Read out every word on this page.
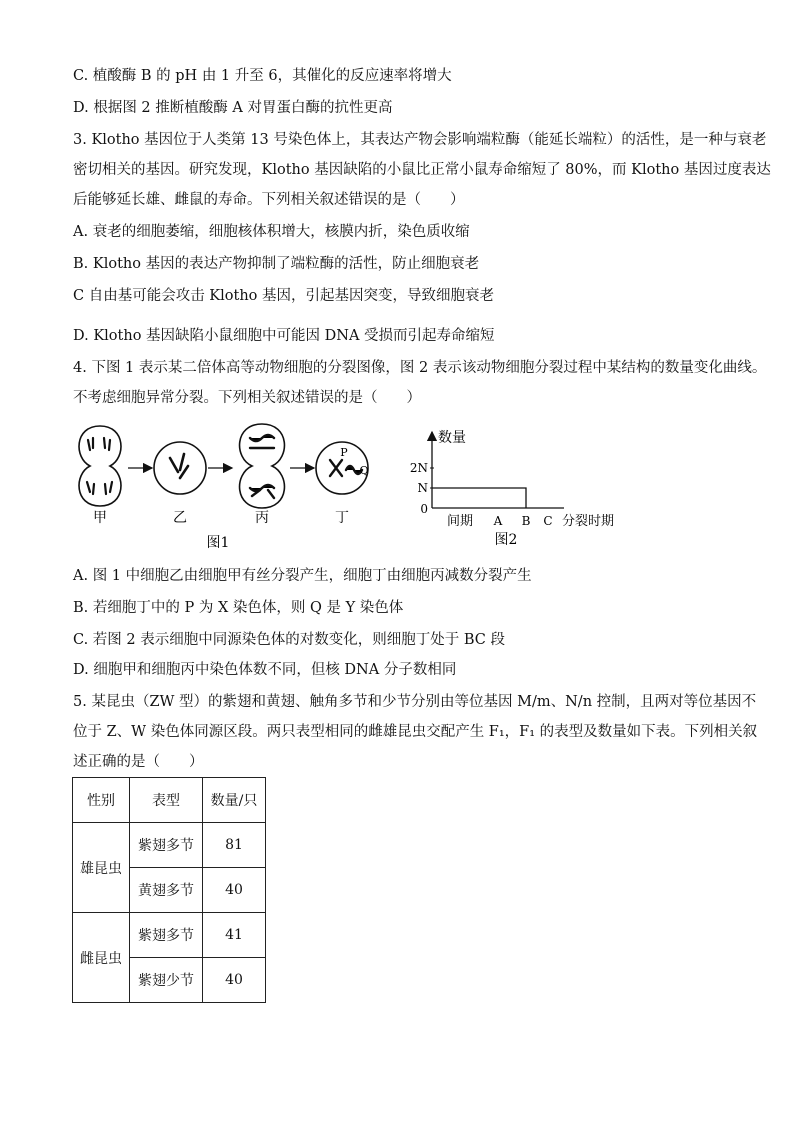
C. 植酸酶 B 的 pH 由 1 升至 6，其催化的反应速率将增大
D. 根据图 2 推断植酸酶 A 对胃蛋白酶的抗性更高
3. Klotho 基因位于人类第 13 号染色体上，其表达产物会影响端粒酶（能延长端粒）的活性，是一种与衰老
密切相关的基因。研究发现，Klotho 基因缺陷的小鼠比正常小鼠寿命缩短了 80%，而 Klotho 基因过度表达
后能够延长雄、雌鼠的寿命。下列相关叙述错误的是（　　）
A. 衰老的细胞萎缩，细胞核体积增大，核膜内折，染色质收缩
B. Klotho 基因的表达产物抑制了端粒酶的活性，防止细胞衰老
C 自由基可能会攻击 Klotho 基因，引起基因突变，导致细胞衰老
D. Klotho 基因缺陷小鼠细胞中可能因 DNA 受损而引起寿命缩短
4. 下图 1 表示某二倍体高等动物细胞的分裂图像，图 2 表示该动物细胞分裂过程中某结构的数量变化曲线。
不考虑细胞异常分裂。下列相关叙述错误的是（　　）
甲	乙	丙
P
Q
丁
图1
数量
2N
N
0
间期 A B C 分裂时期
图2
A. 图 1 中细胞乙由细胞甲有丝分裂产生，细胞丁由细胞丙减数分裂产生
B. 若细胞丁中的 P 为 X 染色体，则 Q 是 Y 染色体
C. 若图 2 表示细胞中同源染色体的对数变化，则细胞丁处于 BC 段
D. 细胞甲和细胞丙中染色体数不同，但核 DNA 分子数相同
5. 某昆虫（ZW 型）的紫翅和黄翅、触角多节和少节分别由等位基因 M/m、N/n 控制，且两对等位基因不
位于 Z、W 染色体同源区段。两只表型相同的雌雄昆虫交配产生 F₁，F₁ 的表型及数量如下表。下列相关叙
述正确的是（　　）
性别	表型	数量/只
雄昆虫	紫翅多节	81
	黄翅多节	40
雌昆虫	紫翅多节	41
	紫翅少节	40
